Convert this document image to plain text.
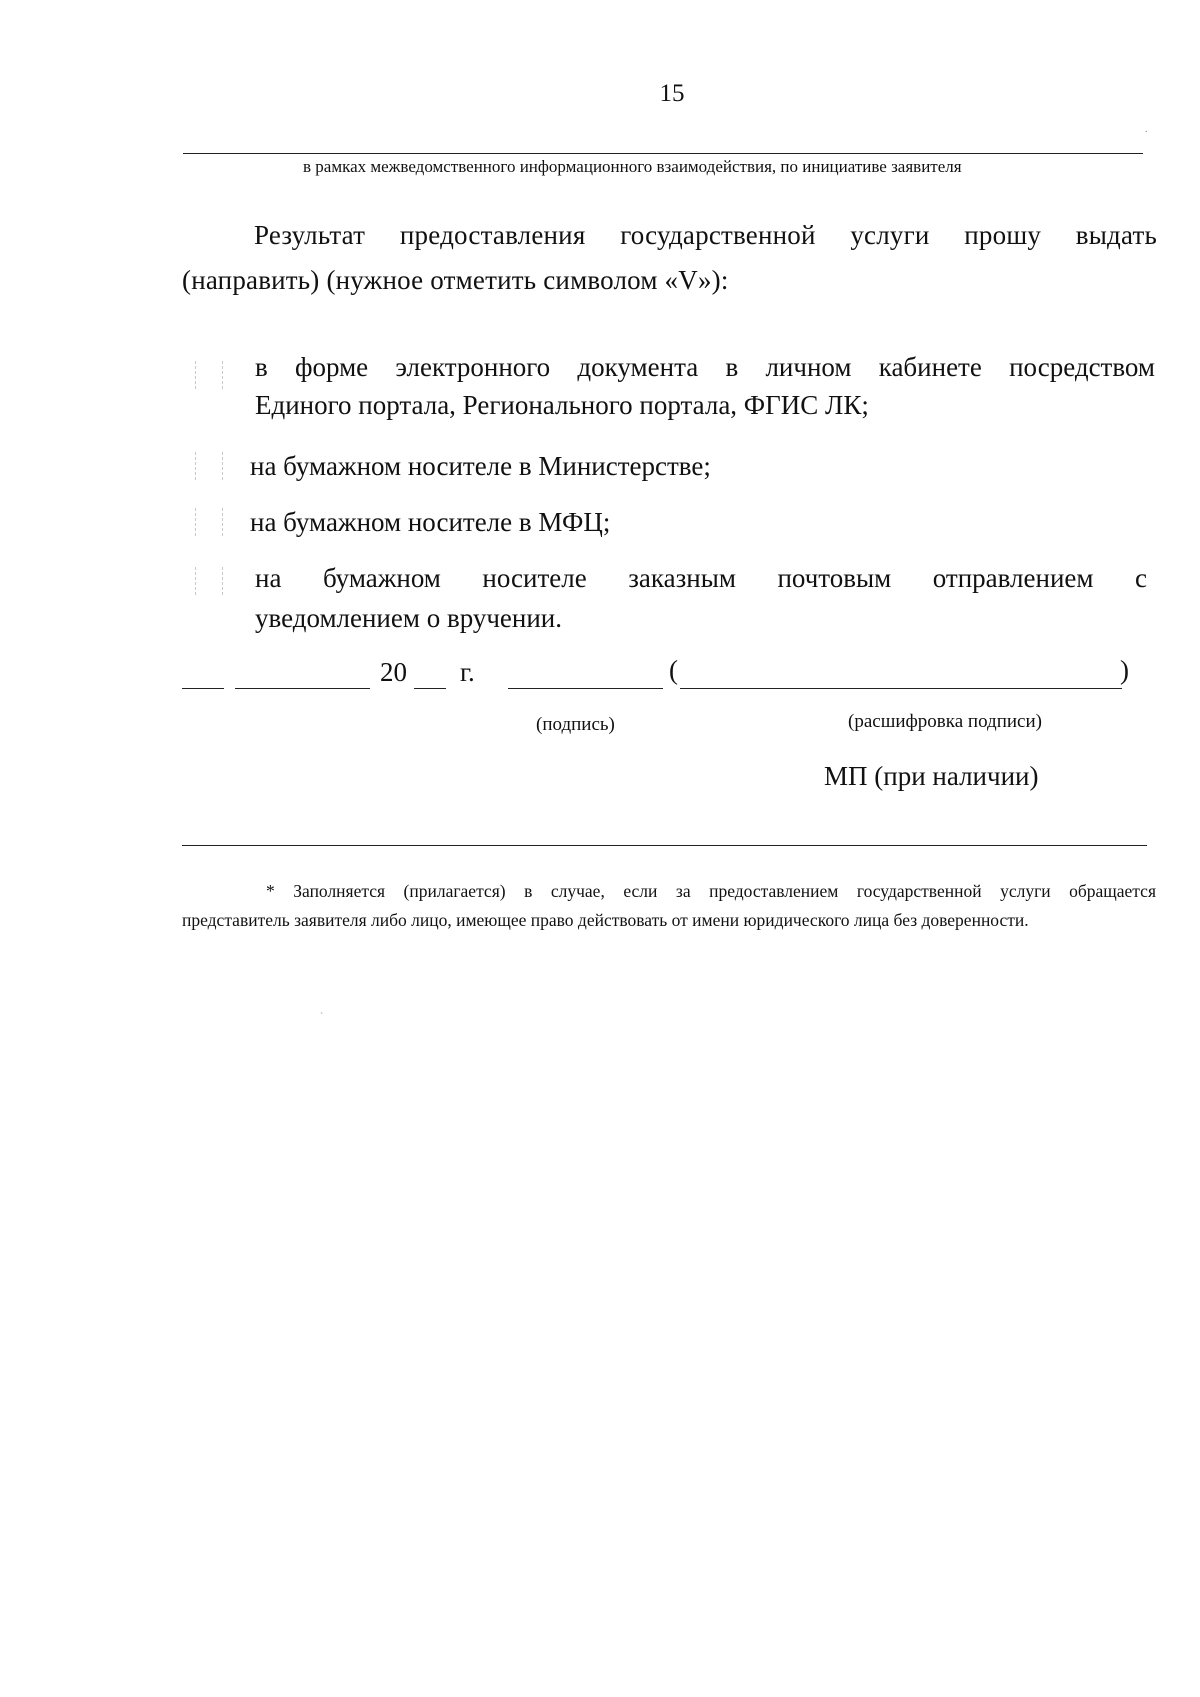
15
.
в рамках межведомственного информационного взаимодействия, по инициативе заявителя
Результат предоставления государственной услуги прошу выдать
(направить) (нужное отметить символом «V»):
в форме электронного документа в личном кабинете посредством
Единого портала, Регионального портала, ФГИС ЛК;
на бумажном носителе в Министерстве;
на бумажном носителе в МФЦ;
на бумажном носителе заказным почтовым отправлением с
уведомлением о вручении.
20 г.	(	)
(подпись)	(расшифровка подписи)
МП (при наличии)
* Заполняется (прилагается) в случае, если за предоставлением государственной услуги обращается
представитель заявителя либо лицо, имеющее право действовать от имени юридического лица без доверенности.
`
